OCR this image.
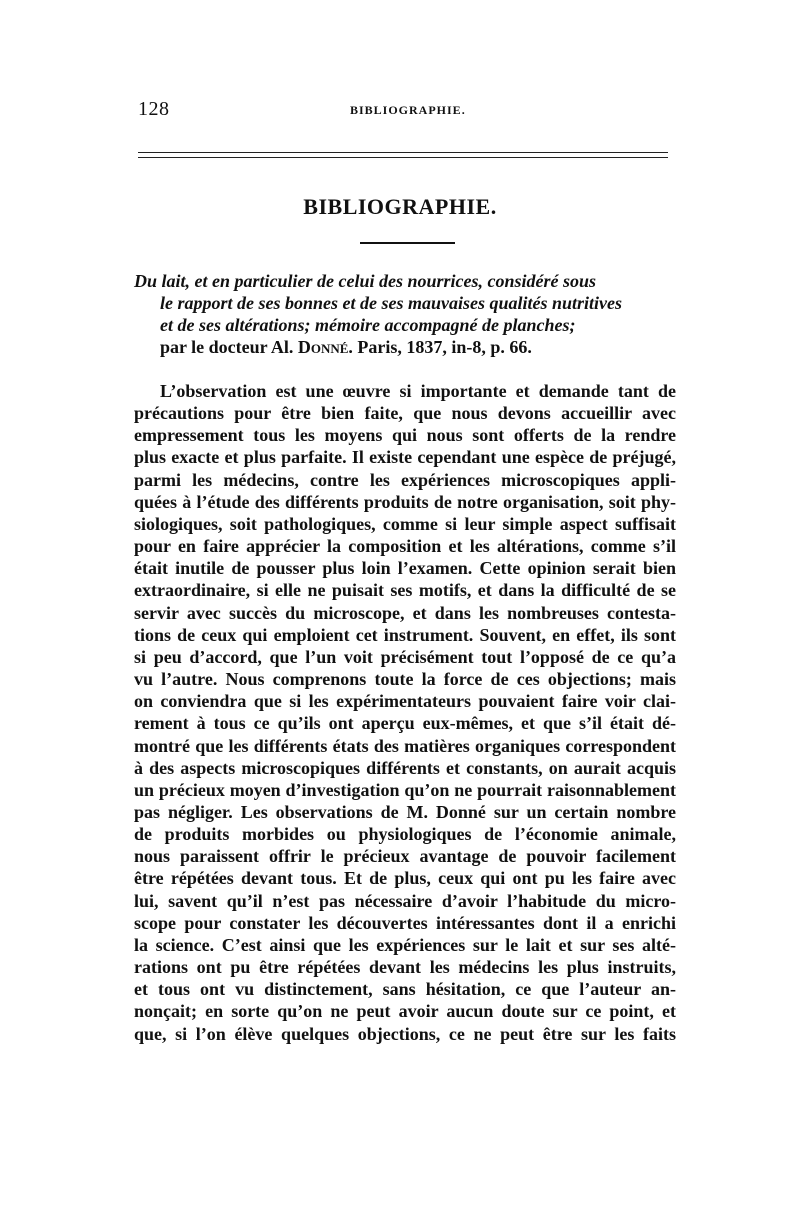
128	BIBLIOGRAPHIE.
BIBLIOGRAPHIE.
Du lait, et en particulier de celui des nourrices, considéré sous
le rapport de ses bonnes et de ses mauvaises qualités nutritives
et de ses altérations; mémoire accompagné de planches;
par le docteur Al. Donné. Paris, 1837, in-8, p. 66.
L’observation est une œuvre si importante et demande tant de
précautions pour être bien faite, que nous devons accueillir avec
empressement tous les moyens qui nous sont offerts de la rendre
plus exacte et plus parfaite. Il existe cependant une espèce de préjugé,
parmi les médecins, contre les expériences microscopiques appli-
quées à l’étude des différents produits de notre organisation, soit phy-
siologiques, soit pathologiques, comme si leur simple aspect suffisait
pour en faire apprécier la composition et les altérations, comme s’il
était inutile de pousser plus loin l’examen. Cette opinion serait bien
extraordinaire, si elle ne puisait ses motifs, et dans la difficulté de se
servir avec succès du microscope, et dans les nombreuses contesta-
tions de ceux qui emploient cet instrument. Souvent, en effet, ils sont
si peu d’accord, que l’un voit précisément tout l’opposé de ce qu’a
vu l’autre. Nous comprenons toute la force de ces objections; mais
on conviendra que si les expérimentateurs pouvaient faire voir clai-
rement à tous ce qu’ils ont aperçu eux-mêmes, et que s’il était dé-
montré que les différents états des matières organiques correspondent
à des aspects microscopiques différents et constants, on aurait acquis
un précieux moyen d’investigation qu’on ne pourrait raisonnablement
pas négliger. Les observations de M. Donné sur un certain nombre
de produits morbides ou physiologiques de l’économie animale,
nous paraissent offrir le précieux avantage de pouvoir facilement
être répétées devant tous. Et de plus, ceux qui ont pu les faire avec
lui, savent qu’il n’est pas nécessaire d’avoir l’habitude du micro-
scope pour constater les découvertes intéressantes dont il a enrichi
la science. C’est ainsi que les expériences sur le lait et sur ses alté-
rations ont pu être répétées devant les médecins les plus instruits,
et tous ont vu distinctement, sans hésitation, ce que l’auteur an-
nonçait; en sorte qu’on ne peut avoir aucun doute sur ce point, et
que, si l’on élève quelques objections, ce ne peut être sur les faits
